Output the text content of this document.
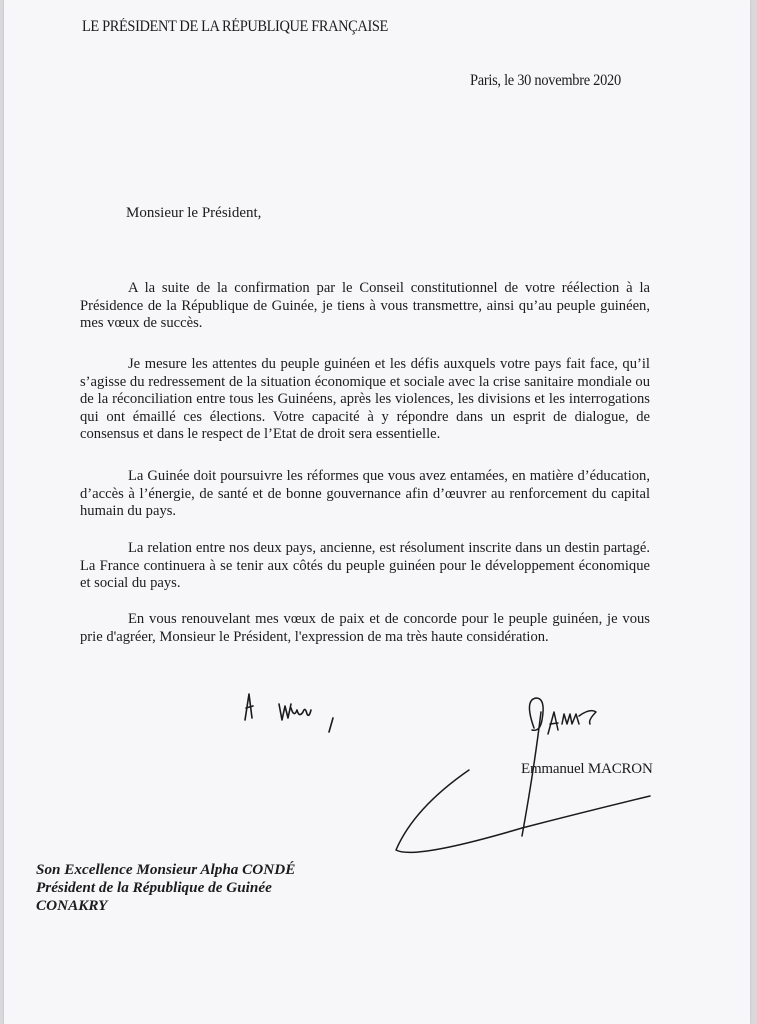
LE PRÉSIDENT DE LA RÉPUBLIQUE FRANÇAISE
Paris, le 30 novembre 2020
Monsieur le Président,

A la suite de la confirmation par le Conseil constitutionnel de votre réélection à la Présidence de la République de Guinée, je tiens à vous transmettre, ainsi qu’au peuple guinéen, mes vœux de succès.

Je mesure les attentes du peuple guinéen et les défis auxquels votre pays fait face, qu’il s’agisse du redressement de la situation économique et sociale avec la crise sanitaire mondiale ou de la réconciliation entre tous les Guinéens, après les violences, les divisions et les interrogations qui ont émaillé ces élections. Votre capacité à y répondre dans un esprit de dialogue, de consensus et dans le respect de l’Etat de droit sera essentielle.

La Guinée doit poursuivre les réformes que vous avez entamées, en matière d’éducation, d’accès à l’énergie, de santé et de bonne gouvernance afin d’œuvrer au renforcement du capital humain du pays.

La relation entre nos deux pays, ancienne, est résolument inscrite dans un destin partagé. La France continuera à se tenir aux côtés du peuple guinéen pour le développement économique et social du pays.

En vous renouvelant mes vœux de paix et de concorde pour le peuple guinéen, je vous prie d'agréer, Monsieur le Président, l'expression de ma très haute considération.

Emmanuel MACRON
Son Excellence Monsieur Alpha CONDÉ
Président de la République de Guinée
CONAKRY
